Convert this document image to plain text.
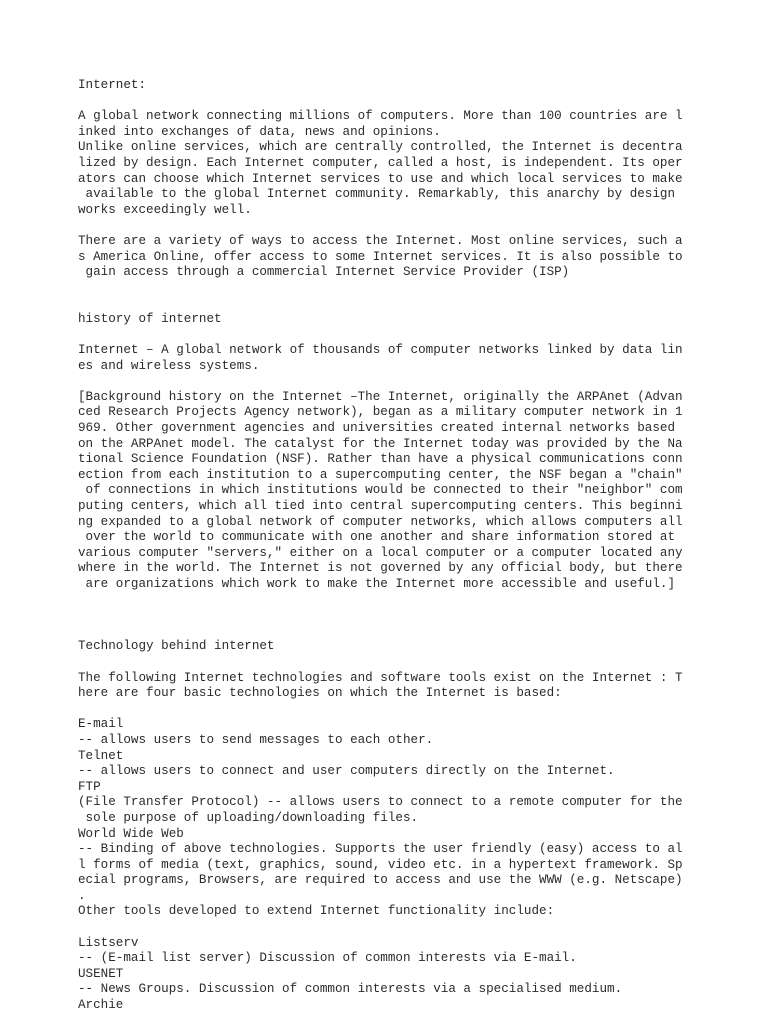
Internet:
A global network connecting millions of computers. More than 100 countries are l
inked into exchanges of data, news and opinions.
Unlike online services, which are centrally controlled, the Internet is decentra
lized by design. Each Internet computer, called a host, is independent. Its oper
ators can choose which Internet services to use and which local services to make
available to the global Internet community. Remarkably, this anarchy by design
works exceedingly well.
There are a variety of ways to access the Internet. Most online services, such a
s America Online, offer access to some Internet services. It is also possible to
gain access through a commercial Internet Service Provider (ISP)
history of internet
Internet – A global network of thousands of computer networks linked by data lin
es and wireless systems.
[Background history on the Internet –The Internet, originally the ARPAnet (Advan
ced Research Projects Agency network), began as a military computer network in 1
969. Other government agencies and universities created internal networks based
on the ARPAnet model. The catalyst for the Internet today was provided by the Na
tional Science Foundation (NSF). Rather than have a physical communications conn
ection from each institution to a supercomputing center, the NSF began a "chain"
of connections in which institutions would be connected to their "neighbor" com
puting centers, which all tied into central supercomputing centers. This beginni
ng expanded to a global network of computer networks, which allows computers all
over the world to communicate with one another and share information stored at
various computer "servers," either on a local computer or a computer located any
where in the world. The Internet is not governed by any official body, but there
are organizations which work to make the Internet more accessible and useful.]
Technology behind internet
The following Internet technologies and software tools exist on the Internet : T
here are four basic technologies on which the Internet is based:
E-mail
-- allows users to send messages to each other.
Telnet
-- allows users to connect and user computers directly on the Internet.
FTP
(File Transfer Protocol) -- allows users to connect to a remote computer for the
sole purpose of uploading/downloading files.
World Wide Web
-- Binding of above technologies. Supports the user friendly (easy) access to al
l forms of media (text, graphics, sound, video etc. in a hypertext framework. Sp
ecial programs, Browsers, are required to access and use the WWW (e.g. Netscape)
.
Other tools developed to extend Internet functionality include:
Listserv
-- (E-mail list server) Discussion of common interests via E-mail.
USENET
-- News Groups. Discussion of common interests via a specialised medium.
Archie
